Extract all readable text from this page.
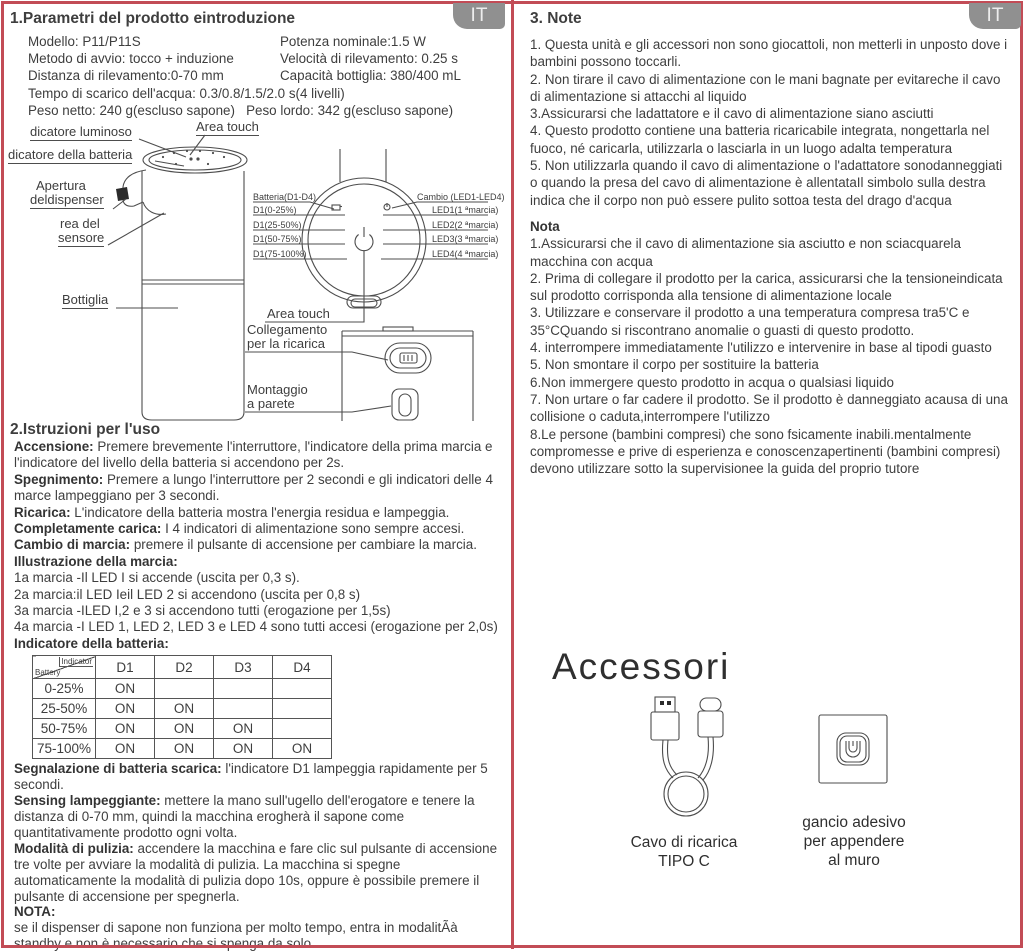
IT

1.Parametri del prodotto eintroduzione

Modello: P11/P11S	Potenza nominale:1.5 W
Metodo di avvio: tocco + induzione	Velocità di rilevamento: 0.25 s
Distanza di rilevamento:0-70 mm	Capacità bottiglia: 380/400 mL
Tempo di scarico dell'acqua: 0.3/0.8/1.5/2.0 s(4 livelli)
Peso netto: 240 g(escluso sapone)   Peso lordo: 342 g(escluso sapone)
dicatore luminoso
dicatore della batteria
Area touch
Apertura
deldispenser
rea del
sensore
Bottiglia
Batteria(D1-D4)
D1(0-25%)
D1(25-50%)
D1(50-75%)
D1(75-100%)
Cambio (LED1-LED4)
LED1(1 ªmarcia)
LED2(2 ªmarcia)
LED3(3 ªmarcia)
LED4(4 ªmarcia)
Area touch
Collegamento
per la ricarica
Montaggio
a parete

2.Istruzioni per l'uso

Accensione: Premere brevemente l'interruttore, l'indicatore della prima marcia e l'indicatore del livello della batteria si accendono per 2s.

Spegnimento: Premere a lungo l'interruttore per 2 secondi e gli indicatori delle 4 marce lampeggiano per 3 secondi.

Ricarica: L'indicatore della batteria mostra l'energia residua e lampeggia.

Completamente carica: I 4 indicatori di alimentazione sono sempre accesi.

Cambio di marcia: premere il pulsante di accensione per cambiare la marcia.

Illustrazione della marcia:

1a marcia -Il LED I si accende (uscita per 0,3 s).

2a marcia:il LED Ieil LED 2 si accendono (uscita per 0,8 s)

3a marcia -ILED I,2 e 3 si accendono tutti (erogazione per 1,5s)

4a marcia -I LED 1, LED 2, LED 3 e LED 4 sono tutti accesi (erogazione per 2,0s)

Indicatore della batteria:

Indicator
Battery	D1	D2	D3	D4
0-25%	ON			
25-50%	ON	ON		
50-75%	ON	ON	ON	
75-100%	ON	ON	ON	ON

Segnalazione di batteria scarica: l'indicatore D1 lampeggia rapidamente per 5 secondi.

Sensing lampeggiante: mettere la mano sull'ugello dell'erogatore e tenere la distanza di 0-70 mm, quindi la macchina erogherà il sapone come quantitativamente prodotto ogni volta.

Modalità di pulizia: accendere la macchina e fare clic sul pulsante di accensione tre volte per avviare la modalità di pulizia. La macchina si spegne automaticamente la modalità di pulizia dopo 10s, oppure è possibile premere il pulsante di accensione per spegnerla.

NOTA:

se il dispenser di sapone non funziona per molto tempo, entra in modalitÃà standby e non è necessario che si spenga da solo.

IT

3. Note

1. Questa unità e gli accessori non sono giocattoli, non metterli in unposto dove i bambini possono toccarli.

2. Non tirare il cavo di alimentazione con le mani bagnate per evitareche il cavo di alimentazione si attacchi al liquido

3.Assicurarsi che ladattatore e il cavo di alimentazione siano asciutti

4. Questo prodotto contiene una batteria ricaricabile integrata, nongettarla nel fuoco, né caricarla, utilizzarla o lasciarla in un luogo adalta temperatura

5. Non utilizzarla quando il cavo di alimentazione o l'adattatore sonodanneggiati o quando la presa del cavo di alimentazione è allentataIl simbolo sulla destra indica che il corpo non può essere pulito sottoa testa del drago d'acqua

Nota

1.Assicurarsi che il cavo di alimentazione sia asciutto e non sciacquarela macchina con acqua

2. Prima di collegare il prodotto per la carica, assicurarsi che la tensioneindicata sul prodotto corrisponda alla tensione di alimentazione locale

3. Utilizzare e conservare il prodotto a una temperatura compresa tra5'C e 35°CQuando si riscontrano anomalie o guasti di questo prodotto.

4. interrompere immediatamente l'utilizzo e intervenire in base al tipodi guasto

5. Non smontare il corpo per sostituire la batteria

6.Non immergere questo prodotto in acqua o qualsiasi liquido

7. Non urtare o far cadere il prodotto. Se il prodotto è danneggiato acausa di una collisione o caduta,interrompere l'utilizzo

8.Le persone (bambini compresi) che sono fsicamente inabili.mentalmente compromesse e prive di esperienza e conoscenzapertinenti (bambini compresi) devono utilizzare sotto la supervisionee la guida del proprio tutore

Accessori
Cavo di ricarica
TIPO C
gancio adesivo
per appendere
al muro
